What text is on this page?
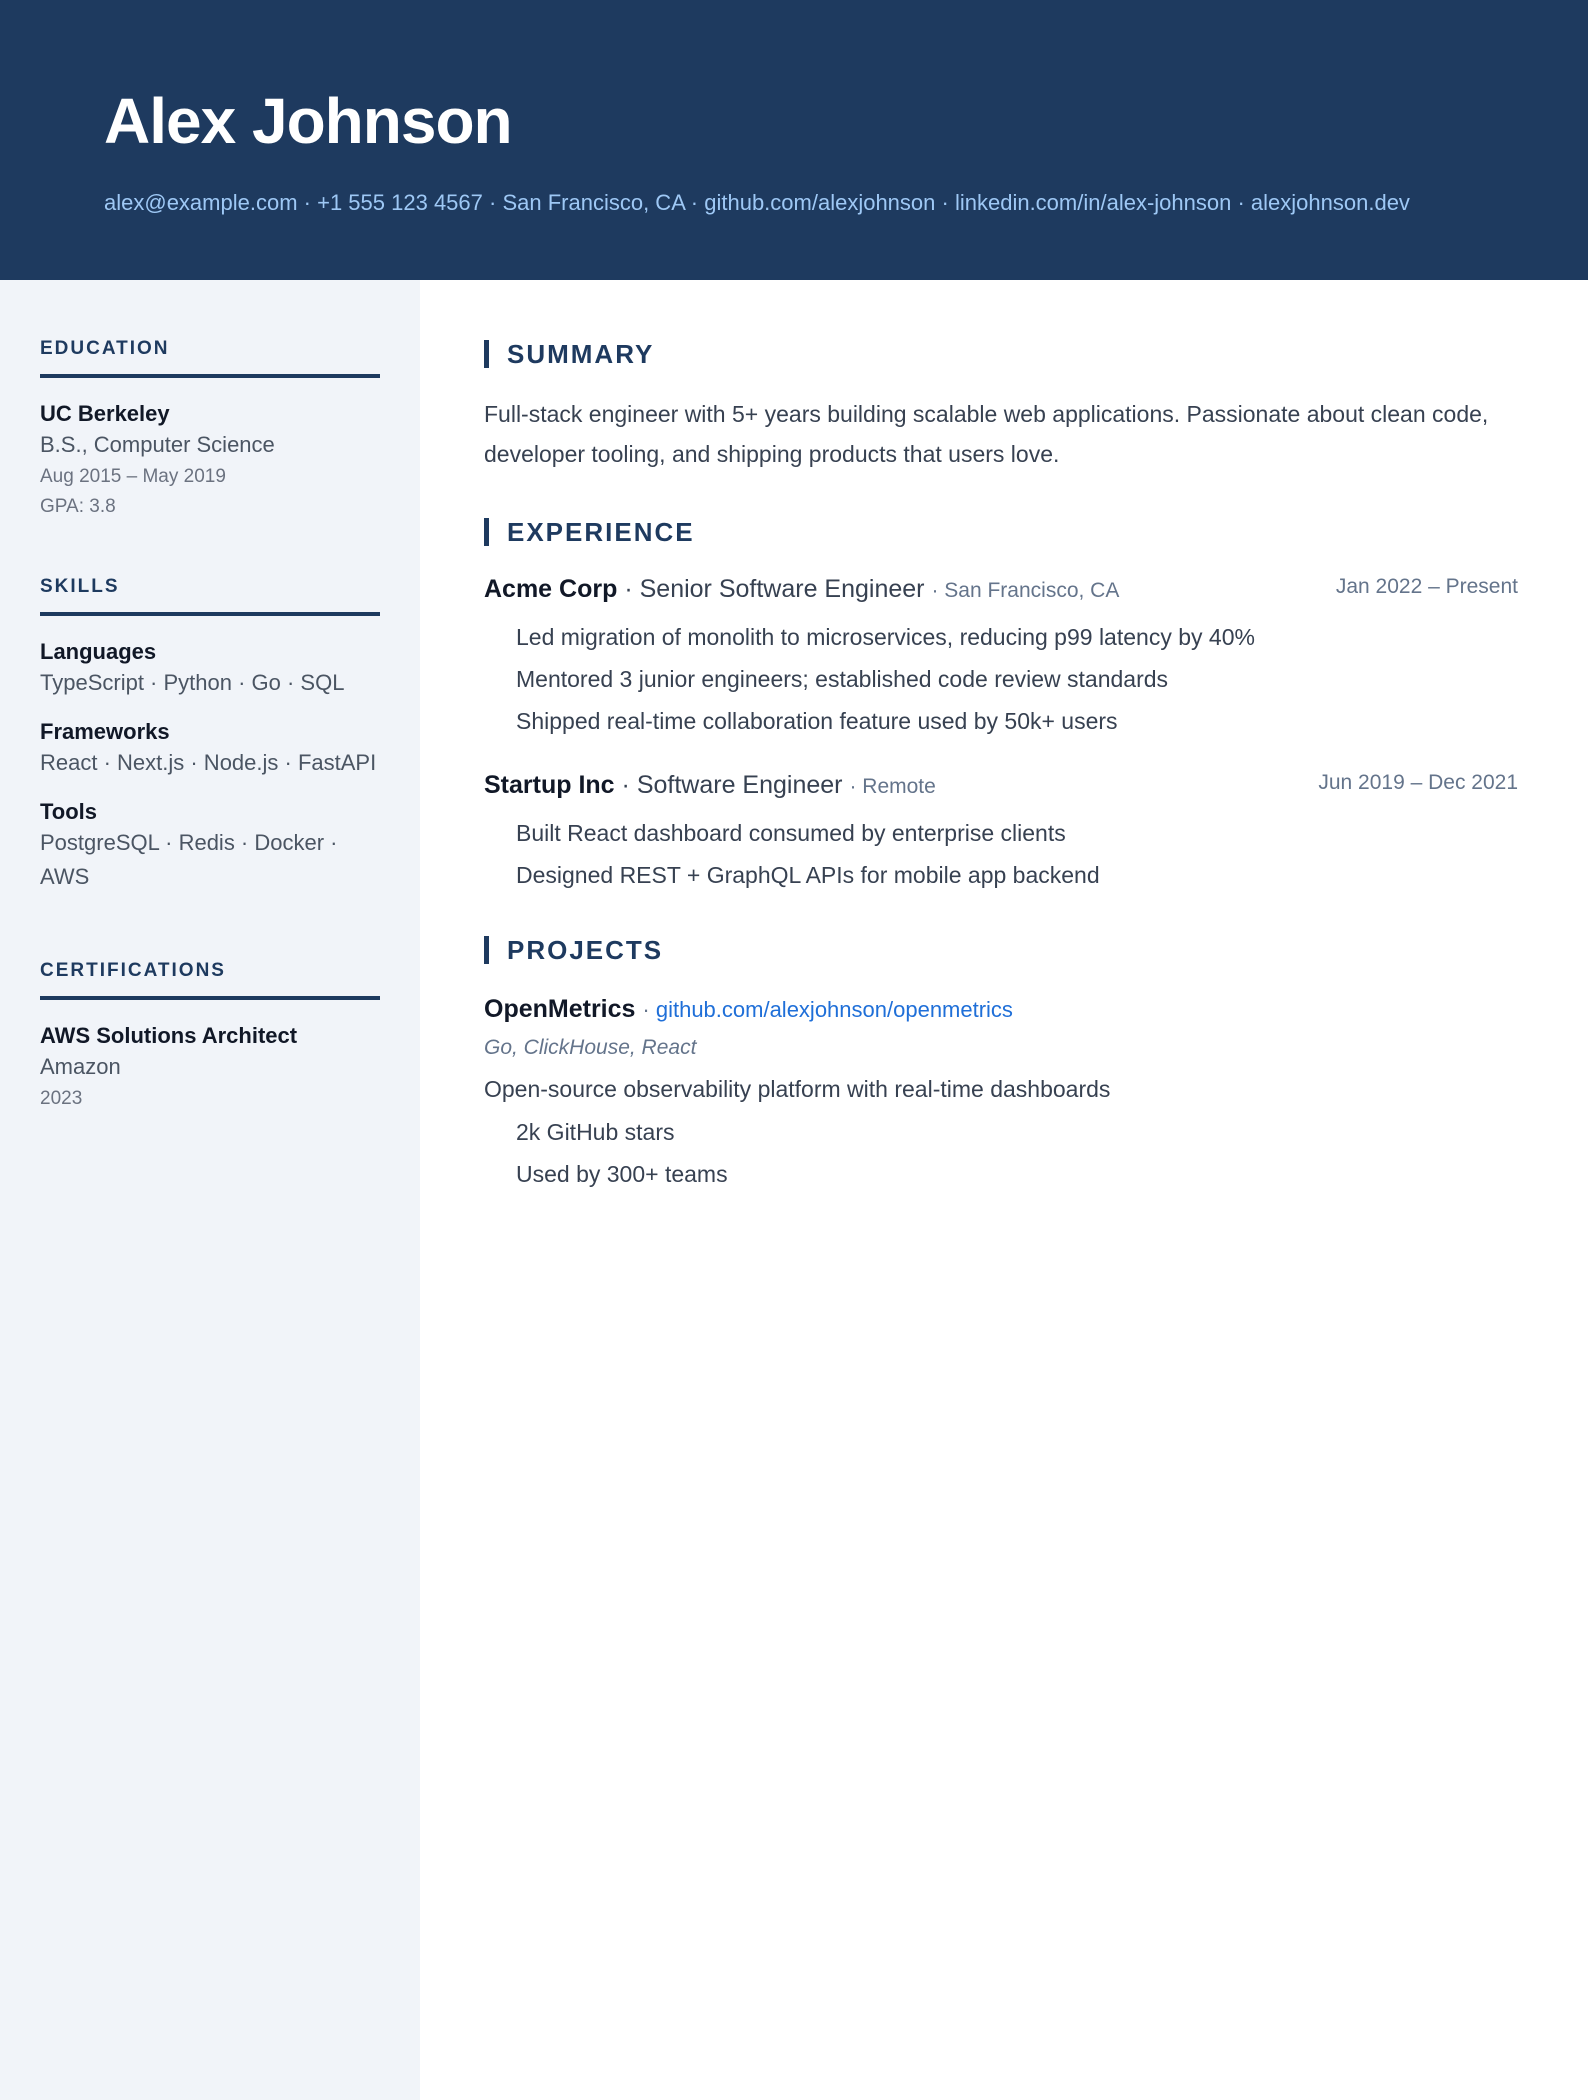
Alex Johnson
alex@example.com · +1 555 123 4567 · San Francisco, CA · github.com/alexjohnson · linkedin.com/in/alex-johnson · alexjohnson.dev
EDUCATION
UC Berkeley
B.S., Computer Science
Aug 2015 – May 2019
GPA: 3.8
SKILLS
Languages
TypeScript · Python · Go · SQL
Frameworks
React · Next.js · Node.js · FastAPI
Tools
PostgreSQL · Redis · Docker · AWS
CERTIFICATIONS
AWS Solutions Architect
Amazon
2023
SUMMARY

Full-stack engineer with 5+ years building scalable web applications. Passionate about clean code, developer tooling, and shipping products that users love.

EXPERIENCE
Acme Corp · Senior Software Engineer · San Francisco, CA	Jan 2022 – Present
Led migration of monolith to microservices, reducing p99 latency by 40%
Mentored 3 junior engineers; established code review standards
Shipped real-time collaboration feature used by 50k+ users
Startup Inc · Software Engineer · Remote	Jun 2019 – Dec 2021
Built React dashboard consumed by enterprise clients
Designed REST + GraphQL APIs for mobile app backend
PROJECTS
OpenMetrics · github.com/alexjohnson/openmetrics
Go, ClickHouse, React
Open-source observability platform with real-time dashboards
2k GitHub stars
Used by 300+ teams
